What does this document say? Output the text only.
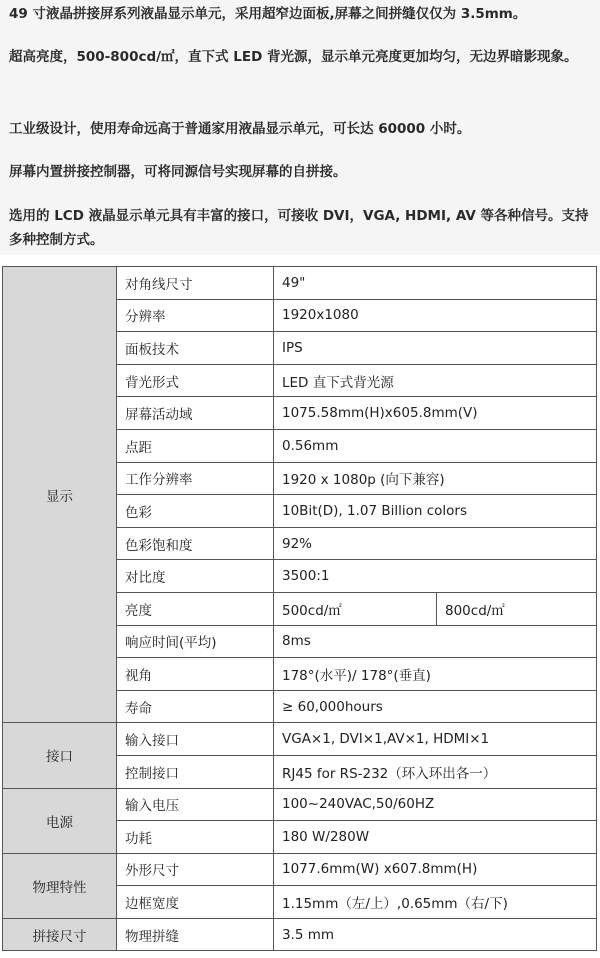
49 寸液晶拼接屏系列液晶显示单元，采用超窄边面板,屏幕之间拼缝仅仅为 3.5mm。

超高亮度，500-800cd/㎡，直下式 LED 背光源，显示单元亮度更加均匀，无边界暗影现象。

工业级设计，使用寿命远高于普通家用液晶显示单元，可长达 60000 小时。

屏幕内置拼接控制器，可将同源信号实现屏幕的自拼接。

选用的 LCD 液晶显示单元具有丰富的接口，可接收 DVI，VGA, HDMI, AV 等各种信号。支持多种控制方式。

显示	对角线尺寸	49"	
	分辨率	1920x1080	
	面板技术	IPS	
	背光形式	LED 直下式背光源	
	屏幕活动域	1075.58mm(H)x605.8mm(V)	
	点距	0.56mm	
	工作分辨率	1920 x 1080p (向下兼容)	
	色彩	10Bit(D), 1.07 Billion colors	
	色彩饱和度	92%	
	对比度	3500:1	
	亮度	500cd/㎡	800cd/㎡
	响应时间(平均)	8ms	
	视角	178°(水平)/ 178°(垂直)	
	寿命	≥ 60,000hours	
接口	输入接口	VGA×1, DVI×1,AV×1, HDMI×1	
	控制接口	RJ45 for RS-232（环入环出各一）	
电源	输入电压	100~240VAC,50/60HZ	
	功耗	180 W/280W	
物理特性	外形尺寸	1077.6mm(W) x607.8mm(H)	
	边框宽度	1.15mm（左/上）,0.65mm（右/下)	
拼接尺寸	物理拼缝	3.5 mm	
